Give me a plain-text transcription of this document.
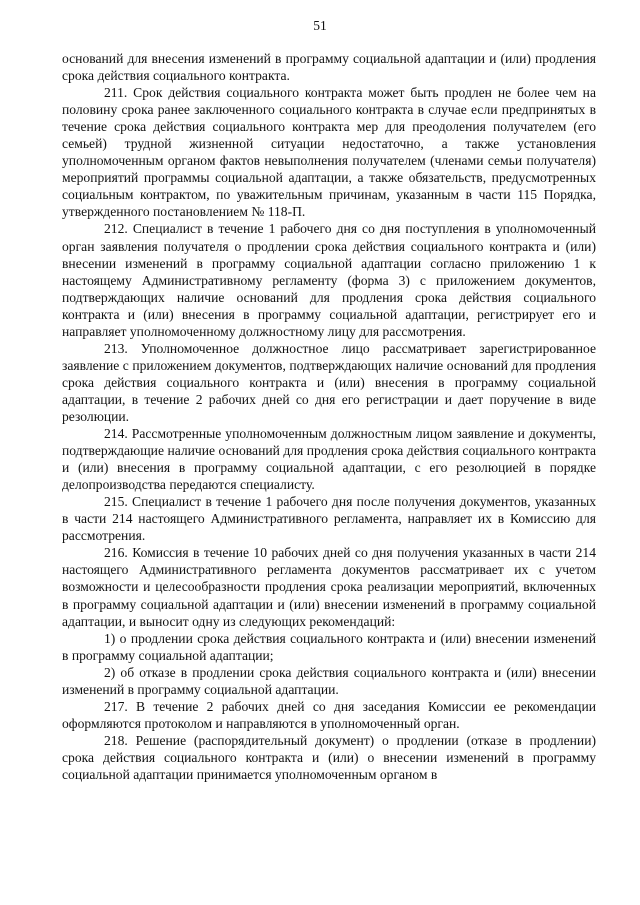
51

оснований для внесения изменений в программу социальной адаптации и (или) продления срока действия социального контракта.

211. Срок действия социального контракта может быть продлен не более чем на половину срока ранее заключенного социального контракта в случае если предпринятых в течение срока действия социального контракта мер для преодоления получателем (его семьей) трудной жизненной ситуации недостаточно, а также установления уполномоченным органом фактов невыполнения получателем (членами семьи получателя) мероприятий программы социальной адаптации, а также обязательств, предусмотренных социальным контрактом, по уважительным причинам, указанным в части 115 Порядка, утвержденного постановлением № 118-П.

212. Специалист в течение 1 рабочего дня со дня поступления в уполномоченный орган заявления получателя о продлении срока действия социального контракта и (или) внесении изменений в программу социальной адаптации согласно приложению 1 к настоящему Административному регламенту (форма 3) с приложением документов, подтверждающих наличие оснований для продления срока действия социального контракта и (или) внесения в программу социальной адаптации, регистрирует его и направляет уполномоченному должностному лицу для рассмотрения.

213. Уполномоченное должностное лицо рассматривает зарегистрированное заявление с приложением документов, подтверждающих наличие оснований для продления срока действия социального контракта и (или) внесения в программу социальной адаптации, в течение 2 рабочих дней со дня его регистрации и дает поручение в виде резолюции.

214. Рассмотренные уполномоченным должностным лицом заявление и документы, подтверждающие наличие оснований для продления срока действия социального контракта и (или) внесения в программу социальной адаптации, с его резолюцией в порядке делопроизводства передаются специалисту.

215. Специалист в течение 1 рабочего дня после получения документов, указанных в части 214 настоящего Административного регламента, направляет их в Комиссию для рассмотрения.

216. Комиссия в течение 10 рабочих дней со дня получения указанных в части 214 настоящего Административного регламента документов рассматривает их с учетом возможности и целесообразности продления срока реализации мероприятий, включенных в программу социальной адаптации и (или) внесении изменений в программу социальной адаптации, и выносит одну из следующих рекомендаций:

1) о продлении срока действия социального контракта и (или) внесении изменений в программу социальной адаптации;

2) об отказе в продлении срока действия социального контракта и (или) внесении изменений в программу социальной адаптации.

217. В течение 2 рабочих дней со дня заседания Комиссии ее рекомендации оформляются протоколом и направляются в уполномоченный орган.

218. Решение (распорядительный документ) о продлении (отказе в продлении) срока действия социального контракта и (или) о внесении изменений в программу социальной адаптации принимается уполномоченным органом в
